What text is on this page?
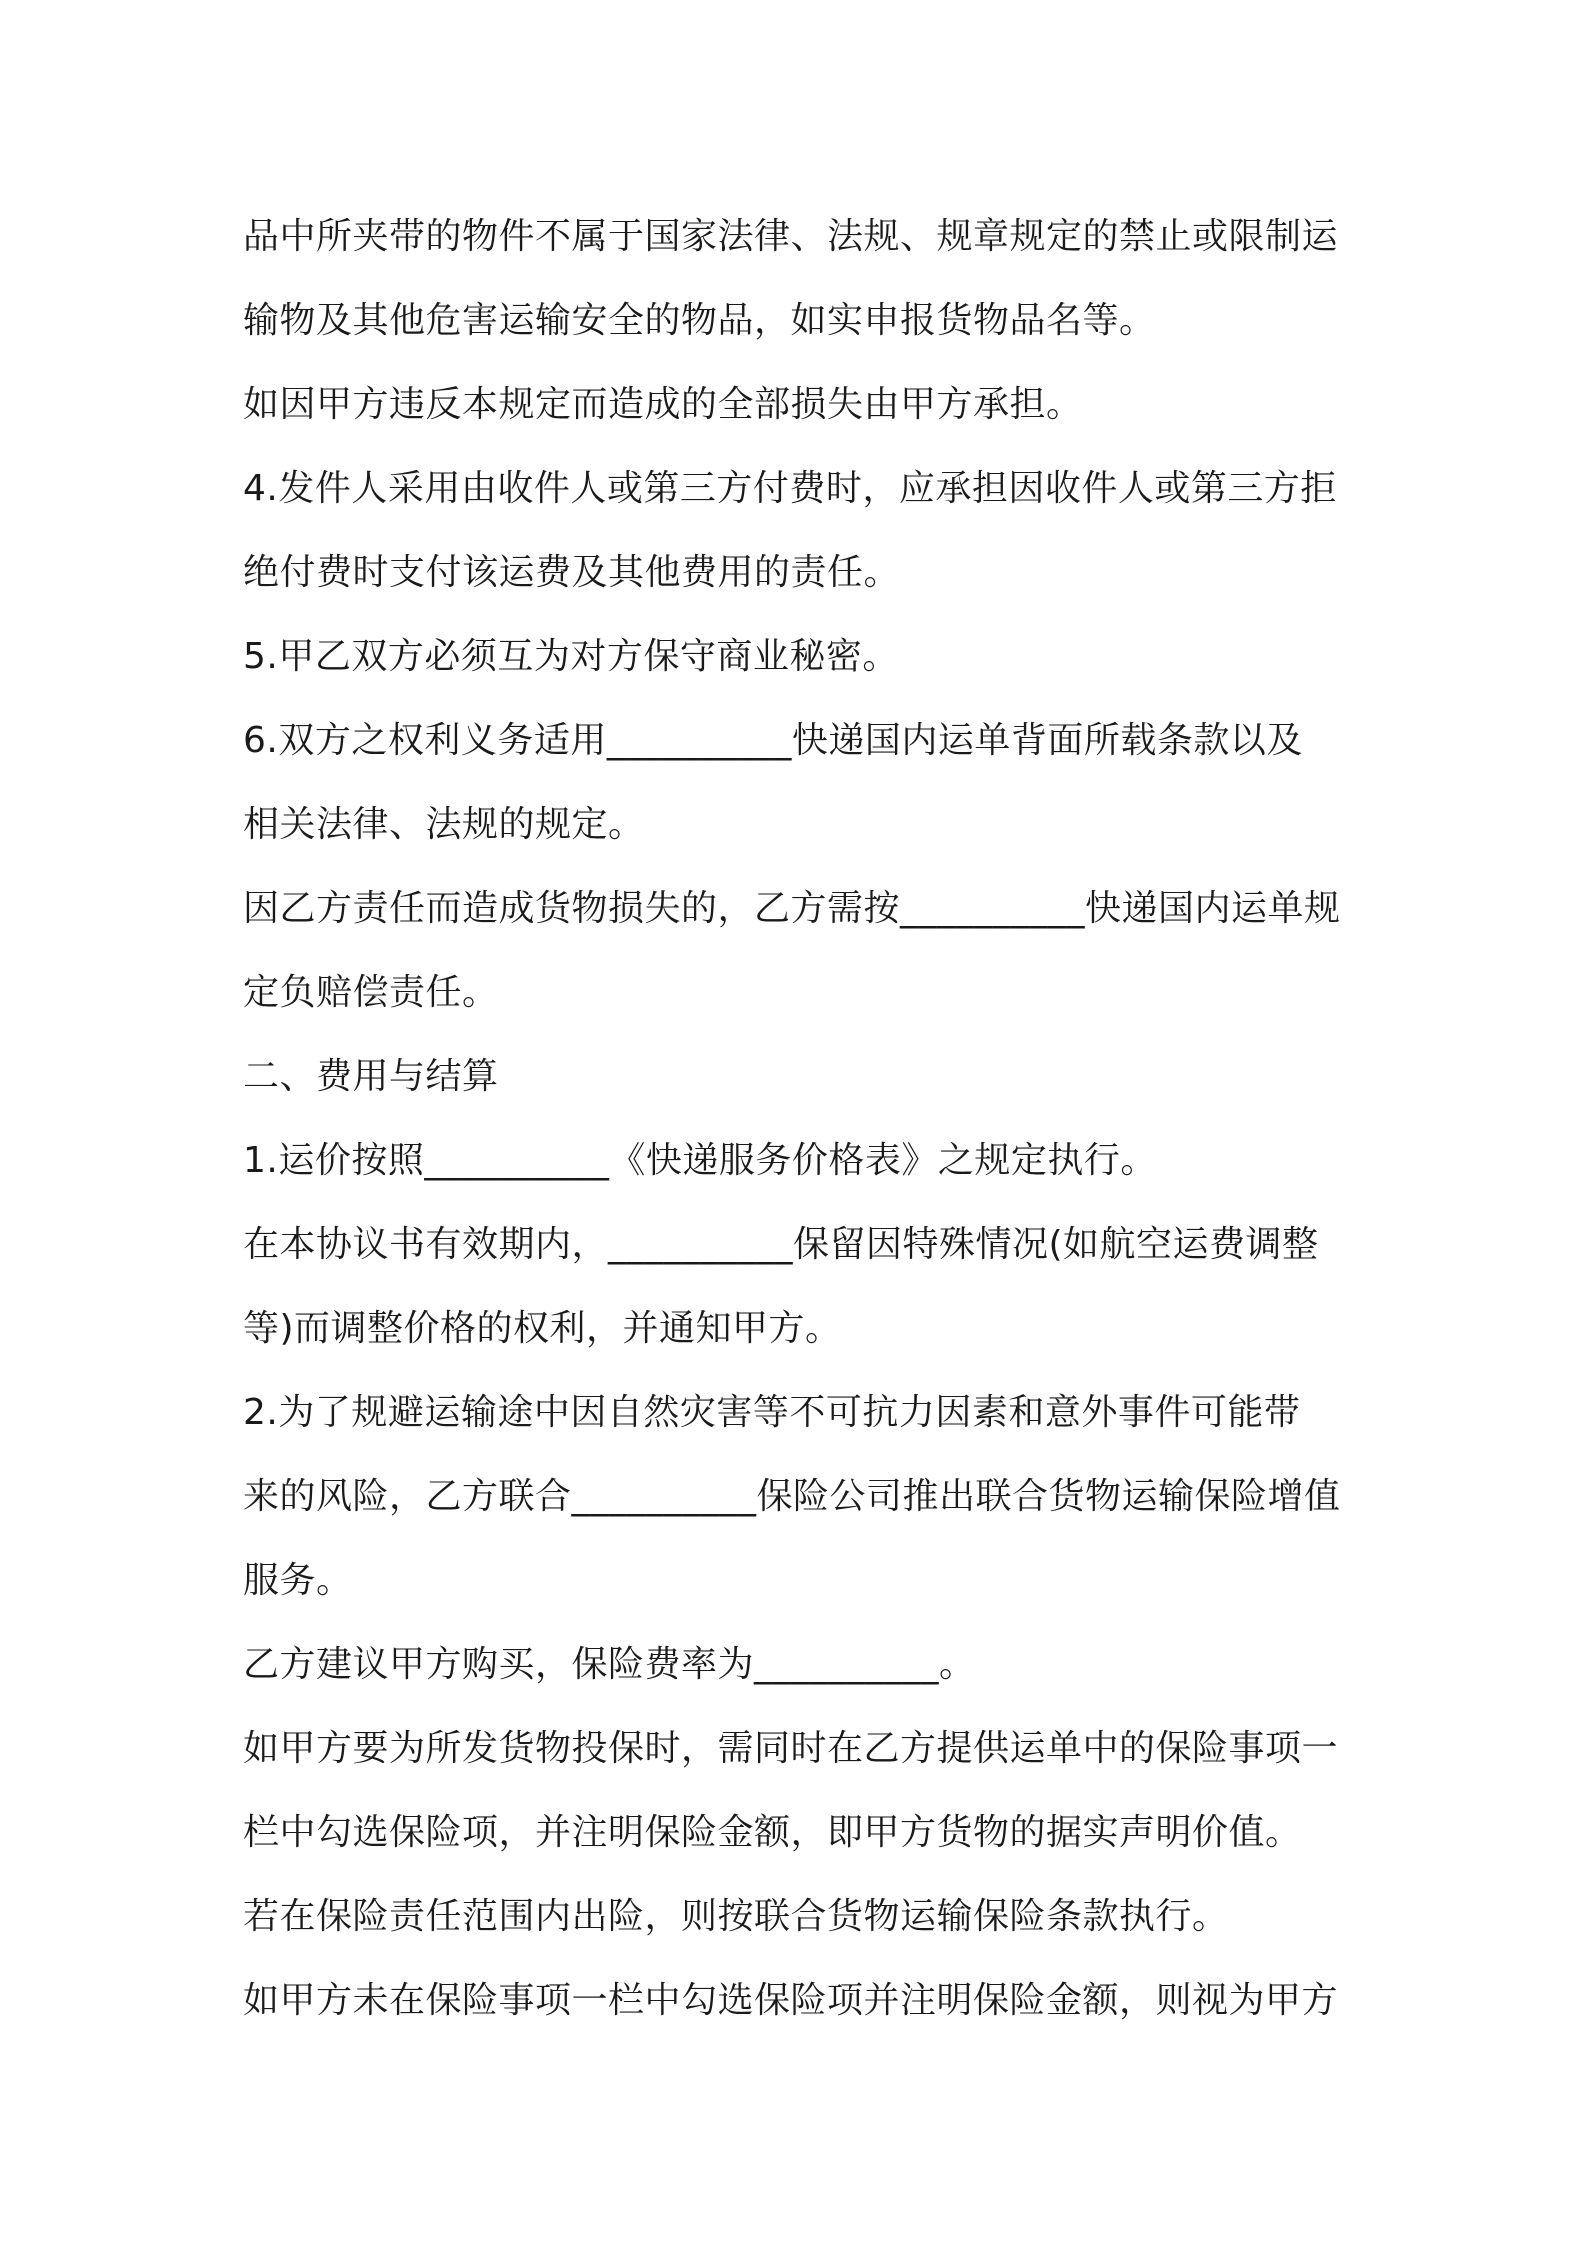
品中所夹带的物件不属于国家法律、法规、规章规定的禁止或限制运
输物及其他危害运输安全的物品，如实申报货物品名等。
如因甲方违反本规定而造成的全部损失由甲方承担。
4.发件人采用由收件人或第三方付费时，应承担因收件人或第三方拒
绝付费时支付该运费及其他费用的责任。
5.甲乙双方必须互为对方保守商业秘密。
6.双方之权利义务适用__________快递国内运单背面所载条款以及
相关法律、法规的规定。
因乙方责任而造成货物损失的，乙方需按__________快递国内运单规
定负赔偿责任。
二、费用与结算
1.运价按照__________《快递服务价格表》之规定执行。
在本协议书有效期内，__________保留因特殊情况(如航空运费调整
等)而调整价格的权利，并通知甲方。
2.为了规避运输途中因自然灾害等不可抗力因素和意外事件可能带
来的风险，乙方联合__________保险公司推出联合货物运输保险增值
服务。
乙方建议甲方购买，保险费率为__________。
如甲方要为所发货物投保时，需同时在乙方提供运单中的保险事项一
栏中勾选保险项，并注明保险金额，即甲方货物的据实声明价值。
若在保险责任范围内出险，则按联合货物运输保险条款执行。
如甲方未在保险事项一栏中勾选保险项并注明保险金额，则视为甲方
